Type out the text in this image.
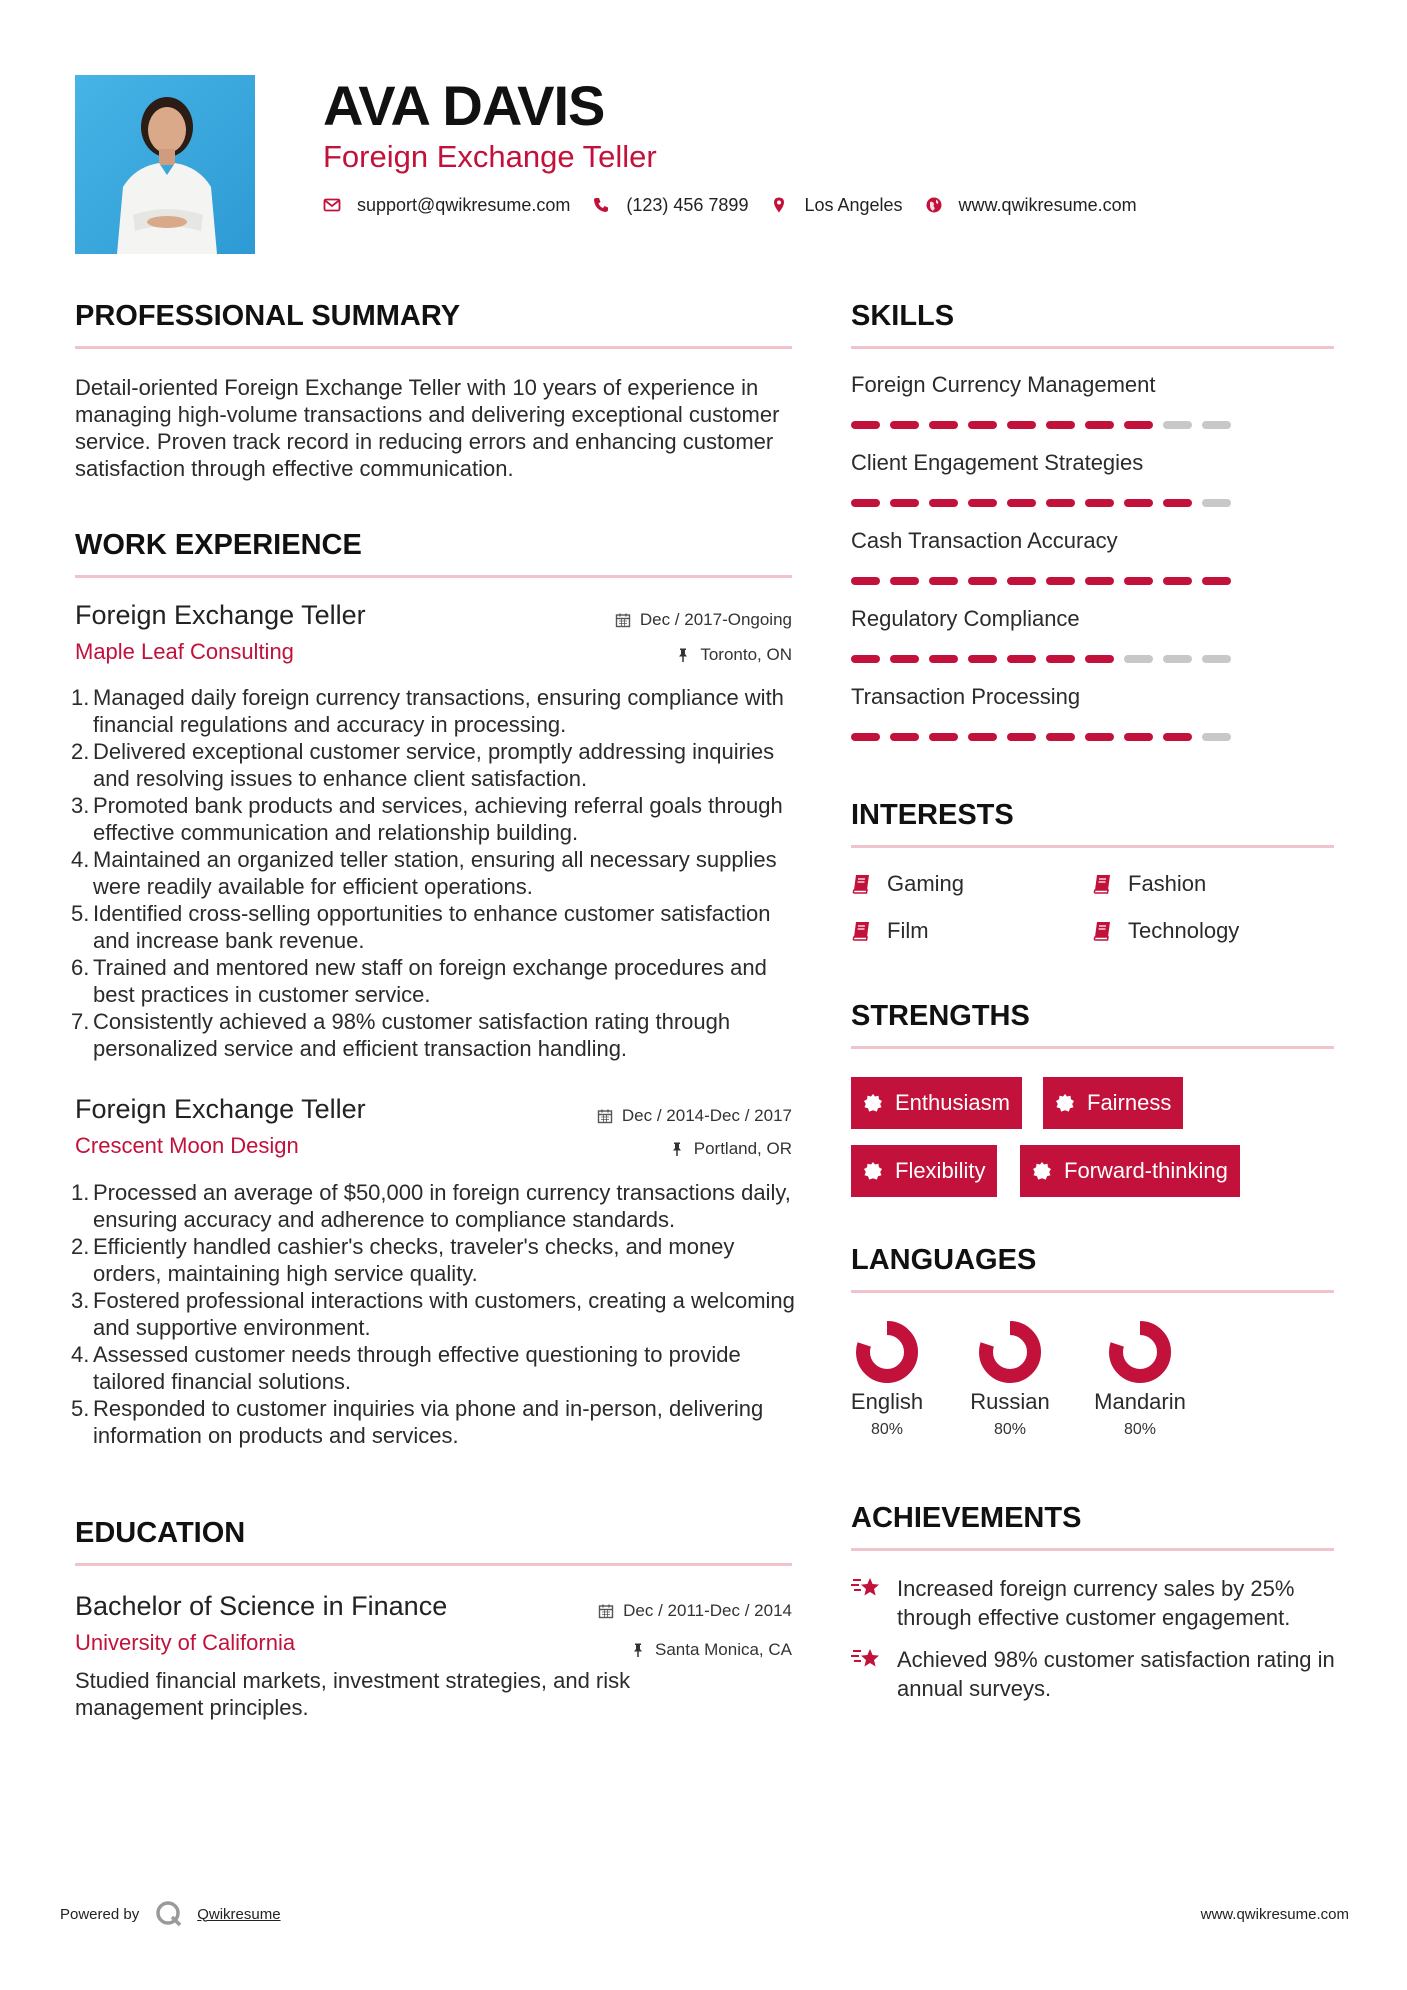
AVA DAVIS
Foreign Exchange Teller
support@qwikresume.com	(123) 456 7899	Los Angeles	www.qwikresume.com
PROFESSIONAL SUMMARY
Detail-oriented Foreign Exchange Teller with 10 years of experience in managing high-volume transactions and delivering exceptional customer service. Proven track record in reducing errors and enhancing customer satisfaction through effective communication.
WORK EXPERIENCE
Foreign Exchange Teller
Maple Leaf Consulting
Dec / 2017-Ongoing
Toronto, ON
1. Managed daily foreign currency transactions, ensuring compliance with financial regulations and accuracy in processing.
2. Delivered exceptional customer service, promptly addressing inquiries and resolving issues to enhance client satisfaction.
3. Promoted bank products and services, achieving referral goals through effective communication and relationship building.
4. Maintained an organized teller station, ensuring all necessary supplies were readily available for efficient operations.
5. Identified cross-selling opportunities to enhance customer satisfaction and increase bank revenue.
6. Trained and mentored new staff on foreign exchange procedures and best practices in customer service.
7. Consistently achieved a 98% customer satisfaction rating through personalized service and efficient transaction handling.
Foreign Exchange Teller
Crescent Moon Design
Dec / 2014-Dec / 2017
Portland, OR
1. Processed an average of $50,000 in foreign currency transactions daily, ensuring accuracy and adherence to compliance standards.
2. Efficiently handled cashier's checks, traveler's checks, and money orders, maintaining high service quality.
3. Fostered professional interactions with customers, creating a welcoming and supportive environment.
4. Assessed customer needs through effective questioning to provide tailored financial solutions.
5. Responded to customer inquiries via phone and in-person, delivering information on products and services.
EDUCATION
Bachelor of Science in Finance
University of California
Dec / 2011-Dec / 2014
Santa Monica, CA
Studied financial markets, investment strategies, and risk management principles.
SKILLS
Foreign Currency Management
Client Engagement Strategies
Cash Transaction Accuracy
Regulatory Compliance
Transaction Processing
INTERESTS
Gaming	Fashion
Film	Technology
STRENGTHS
Enthusiasm	Fairness
Flexibility	Forward-thinking
LANGUAGES
English
80%
Russian
80%
Mandarin
80%
ACHIEVEMENTS
Increased foreign currency sales by 25% through effective customer engagement.
Achieved 98% customer satisfaction rating in annual surveys.
Powered by	Qwikresume	www.qwikresume.com
